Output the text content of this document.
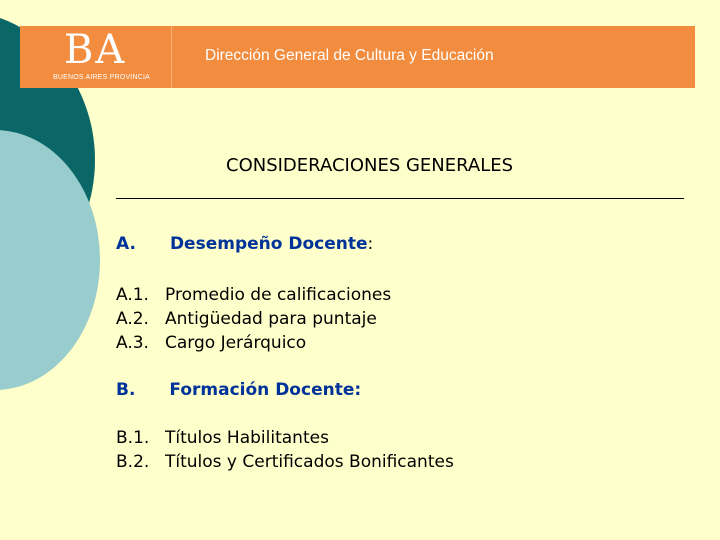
BA
BUENOS AIRES PROVINCIA
Dirección General de Cultura y Educación
CONSIDERACIONES GENERALES
A. Desempeño Docente:
A.1. Promedio de calificaciones
A.2. Antigüedad para puntaje
A.3. Cargo Jerárquico
B. Formación Docente:
B.1. Títulos Habilitantes
B.2. Títulos y Certificados Bonificantes
